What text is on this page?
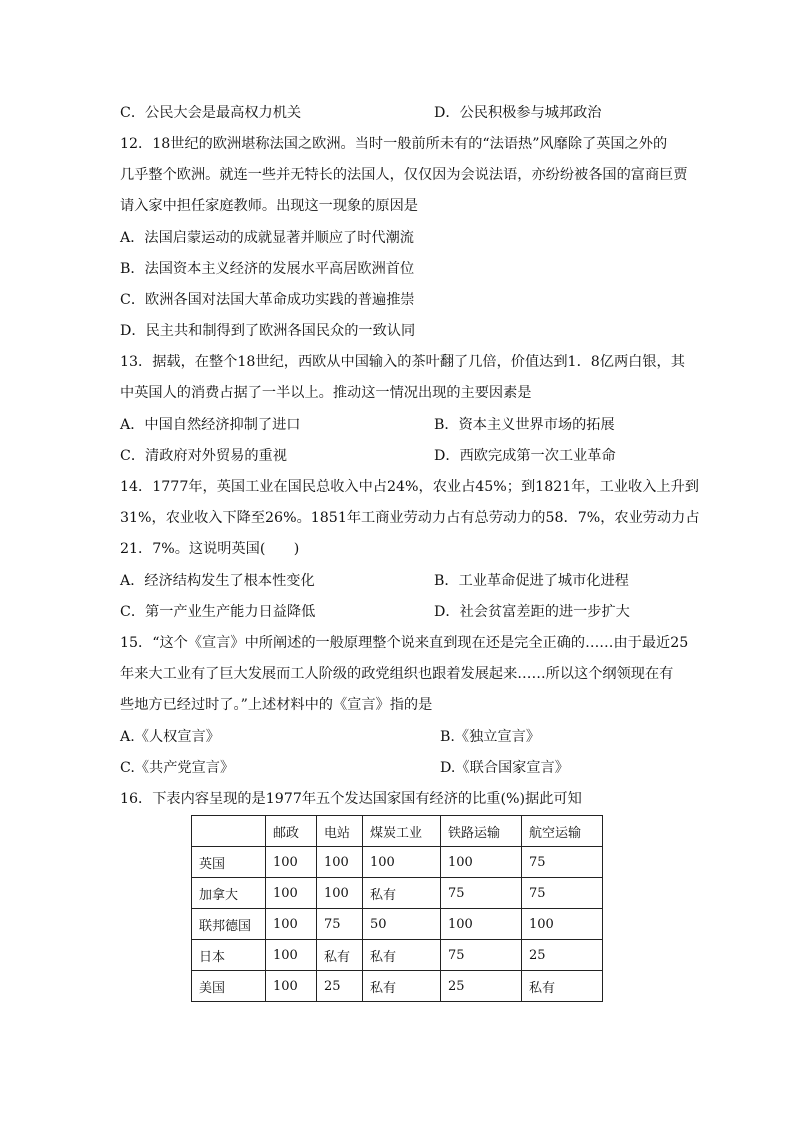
C．公民大会是最高权力机关	D．公民积极参与城邦政治
12．18世纪的欧洲堪称法国之欧洲。当时一般前所未有的“法语热”风靡除了英国之外的
几乎整个欧洲。就连一些并无特长的法国人，仅仅因为会说法语，亦纷纷被各国的富商巨贾
请入家中担任家庭教师。出现这一现象的原因是
A．法国启蒙运动的成就显著并顺应了时代潮流
B．法国资本主义经济的发展水平高居欧洲首位
C．欧洲各国对法国大革命成功实践的普遍推崇
D．民主共和制得到了欧洲各国民众的一致认同
13．据载，在整个18世纪，西欧从中国输入的茶叶翻了几倍，价值达到1．8亿两白银，其
中英国人的消费占据了一半以上。推动这一情况出现的主要因素是
A．中国自然经济抑制了进口	B．资本主义世界市场的拓展
C．清政府对外贸易的重视	D．西欧完成第一次工业革命
14．1777年，英国工业在国民总收入中占24%，农业占45%；到1821年，工业收入上升到
31%，农业收入下降至26%。1851年工商业劳动力占有总劳动力的58．7%，农业劳动力占
21．7%。这说明英国(　　)
A．经济结构发生了根本性变化	B．工业革命促进了城市化进程
C．第一产业生产能力日益降低	D．社会贫富差距的进一步扩大
15．“这个《宣言》中所阐述的一般原理整个说来直到现在还是完全正确的……由于最近25
年来大工业有了巨大发展而工人阶级的政党组织也跟着发展起来……所以这个纲领现在有
些地方已经过时了。”上述材料中的《宣言》指的是
A.《人权宣言》	B.《独立宣言》
C.《共产党宣言》	D.《联合国家宣言》
16．下表内容呈现的是1977年五个发达国家国有经济的比重(%)据此可知
	邮政	电站	煤炭工业	铁路运输	航空运输
英国	100	100	100	100	75
加拿大	100	100	私有	75	75
联邦德国	100	75	50	100	100
日本	100	私有	私有	75	25
美国	100	25	私有	25	私有
